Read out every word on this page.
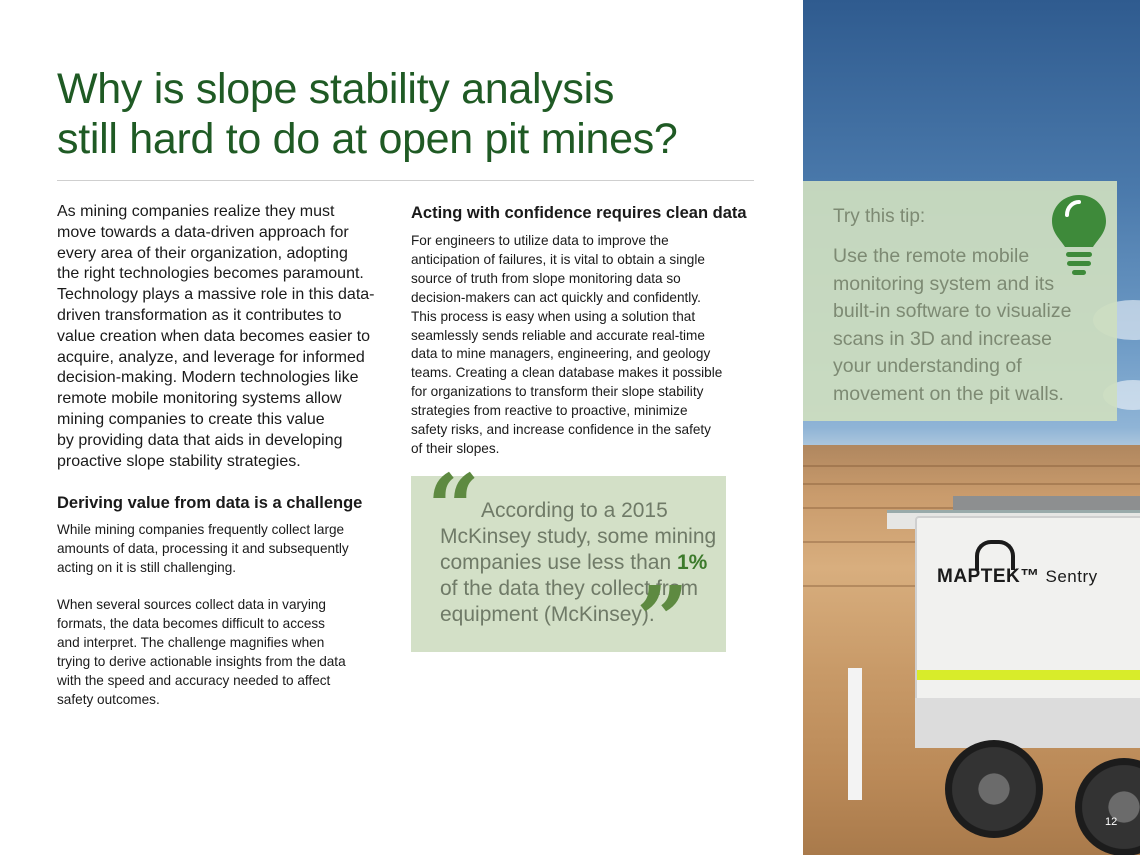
Why is slope stability analysis
still hard to do at open pit mines?

As mining companies realize they must
move towards a data-driven approach for
every area of their organization, adopting
the right technologies becomes paramount.
Technology plays a massive role in this data-
driven transformation as it contributes to
value creation when data becomes easier to
acquire, analyze, and leverage for informed
decision-making. Modern technologies like
remote mobile monitoring systems allow
mining companies to create this value
by providing data that aids in developing
proactive slope stability strategies.

Deriving value from data is a challenge

While mining companies frequently collect large
amounts of data, processing it and subsequently
acting on it is still challenging.

When several sources collect data in varying
formats, the data becomes difficult to access
and interpret. The challenge magnifies when
trying to derive actionable insights from the data
with the speed and accuracy needed to affect
safety outcomes.

Acting with confidence requires clean data

For engineers to utilize data to improve the
anticipation of failures, it is vital to obtain a single
source of truth from slope monitoring data so
decision-makers can act quickly and confidently.
This process is easy when using a solution that
seamlessly sends reliable and accurate real-time
data to mine managers, engineering, and geology
teams. Creating a clean database makes it possible
for organizations to transform their slope stability
strategies from reactive to proactive, minimize
safety risks, and increase confidence in the safety
of their slopes.

“ According to a 2015
McKinsey study, some mining
companies use less than 1%
of the data they collect from
equipment (McKinsey).

”	MAPTEK™ Sentry

Try this tip:

Use the remote mobile
monitoring system and its
built-in software to visualize
scans in 3D and increase
your understanding of
movement on the pit walls.

12
